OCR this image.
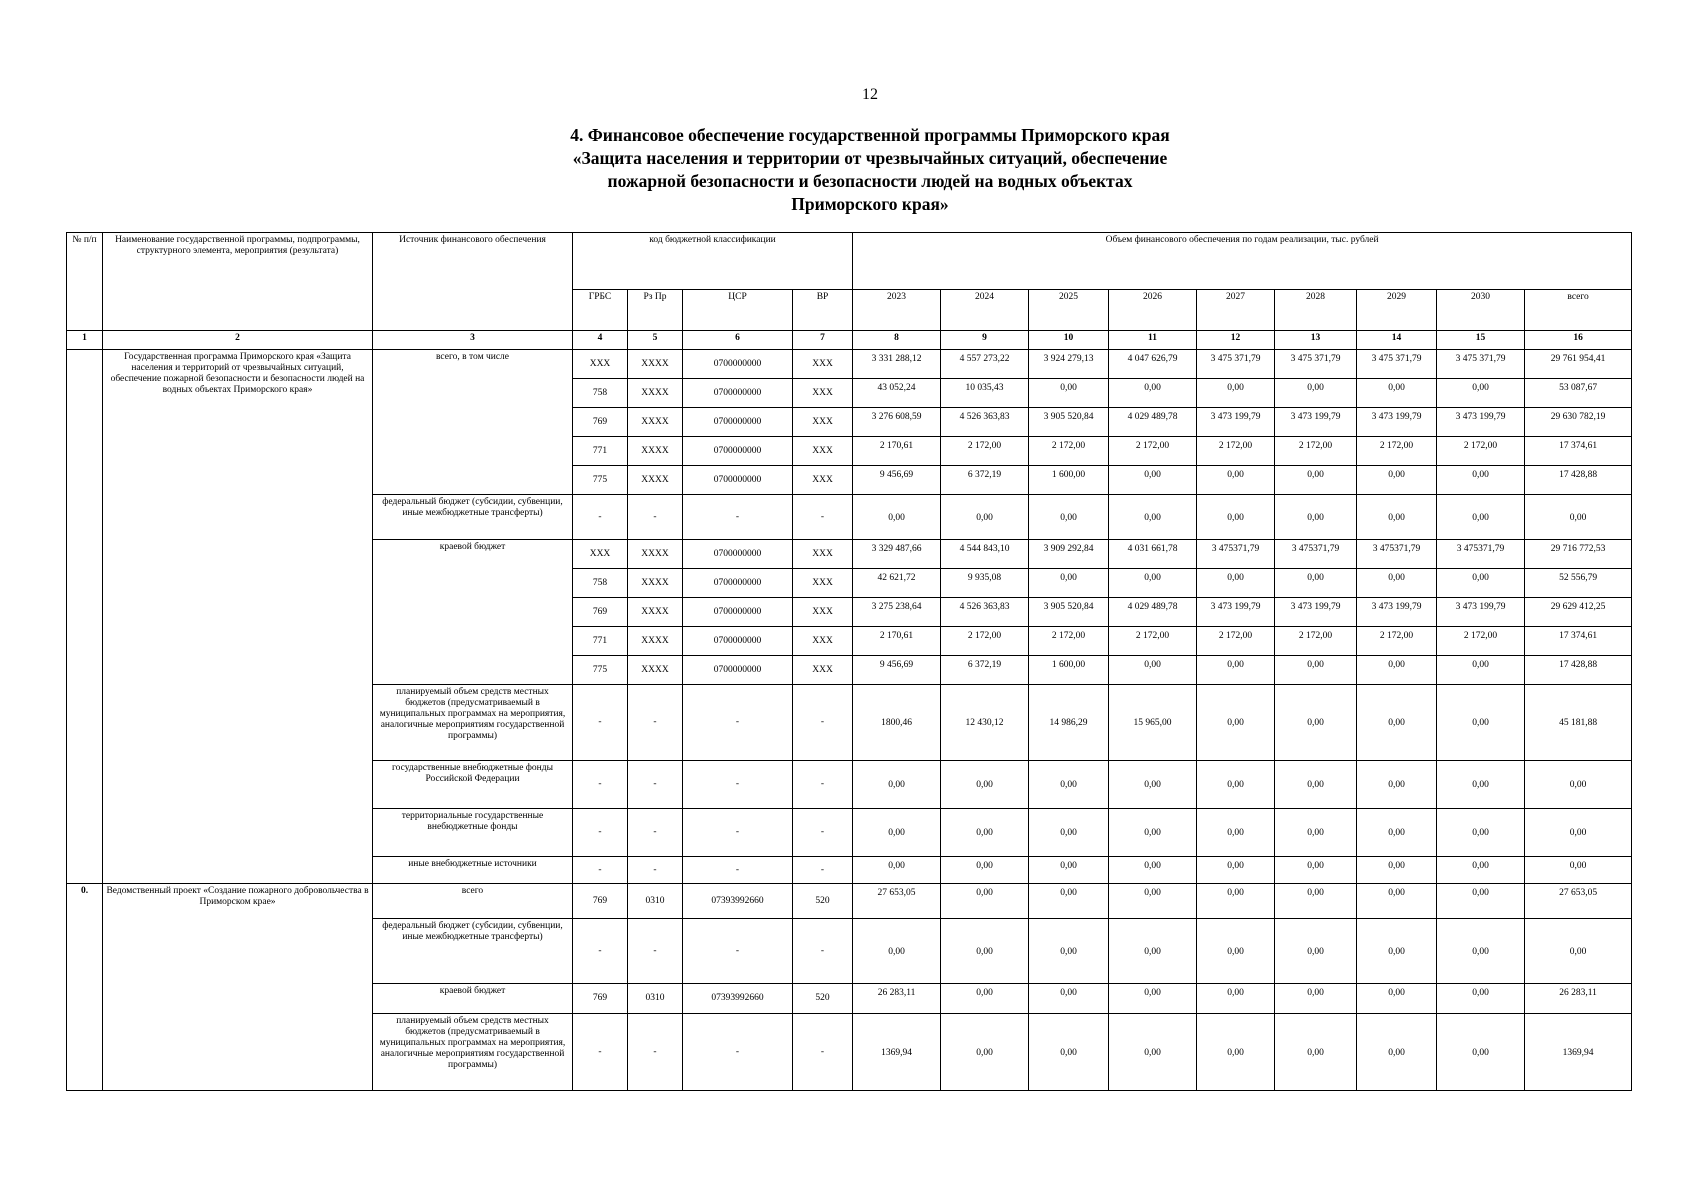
12
4. Финансовое обеспечение государственной программы Приморского края
«Защита населения и территории от чрезвычайных ситуаций, обеспечение
пожарной безопасности и безопасности людей на водных объектах
Приморского края»
№ п/п	Наименование государственной программы, подпрограммы, структурного элемента, мероприятия (результата)	Источник финансового обеспечения	код бюджетной классификации				Объем финансового обеспечения по годам реализации, тыс. рублей								
			ГРБС	Рз Пр	ЦСР	ВР	2023	2024	2025	2026	2027	2028	2029	2030	всего
1	2	3	4	5	6	7	8	9	10	11	12	13	14	15	16
	Государственная программа Приморского края «Защита населения и территорий от чрезвычайных ситуаций, обеспечение пожарной безопасности и безопасности людей на водных объектах Приморского края»	всего, в том числе	XXX	XXXX	0700000000	XXX	3 331 288,12	4 557 273,22	3 924 279,13	4 047 626,79	3 475 371,79	3 475 371,79	3 475 371,79	3 475 371,79	29 761 954,41
			758	XXXX	0700000000	XXX	43 052,24	10 035,43	0,00	0,00	0,00	0,00	0,00	0,00	53 087,67
			769	XXXX	0700000000	XXX	3 276 608,59	4 526 363,83	3 905 520,84	4 029 489,78	3 473 199,79	3 473 199,79	3 473 199,79	3 473 199,79	29 630 782,19
			771	XXXX	0700000000	XXX	2 170,61	2 172,00	2 172,00	2 172,00	2 172,00	2 172,00	2 172,00	2 172,00	17 374,61
			775	XXXX	0700000000	XXX	9 456,69	6 372,19	1 600,00	0,00	0,00	0,00	0,00	0,00	17 428,88
		федеральный бюджет (субсидии, субвенции, иные межбюджетные трансферты)	-	-	-	-	0,00	0,00	0,00	0,00	0,00	0,00	0,00	0,00	0,00
		краевой бюджет	XXX	XXXX	0700000000	XXX	3 329 487,66	4 544 843,10	3 909 292,84	4 031 661,78	3 475371,79	3 475371,79	3 475371,79	3 475371,79	29 716 772,53
			758	XXXX	0700000000	XXX	42 621,72	9 935,08	0,00	0,00	0,00	0,00	0,00	0,00	52 556,79
			769	XXXX	0700000000	XXX	3 275 238,64	4 526 363,83	3 905 520,84	4 029 489,78	3 473 199,79	3 473 199,79	3 473 199,79	3 473 199,79	29 629 412,25
			771	XXXX	0700000000	XXX	2 170,61	2 172,00	2 172,00	2 172,00	2 172,00	2 172,00	2 172,00	2 172,00	17 374,61
			775	XXXX	0700000000	XXX	9 456,69	6 372,19	1 600,00	0,00	0,00	0,00	0,00	0,00	17 428,88
		планируемый объем средств местных бюджетов (предусматриваемый в муниципальных программах на мероприятия, аналогичные мероприятиям государственной программы)	-	-	-	-	1800,46	12 430,12	14 986,29	15 965,00	0,00	0,00	0,00	0,00	45 181,88
		государственные внебюджетные фонды Российской Федерации	-	-	-	-	0,00	0,00	0,00	0,00	0,00	0,00	0,00	0,00	0,00
		территориальные государственные внебюджетные фонды	-	-	-	-	0,00	0,00	0,00	0,00	0,00	0,00	0,00	0,00	0,00
		иные внебюджетные источники	-	-	-	-	0,00	0,00	0,00	0,00	0,00	0,00	0,00	0,00	0,00
0.	Ведомственный проект «Создание пожарного добровольчества в Приморском крае»	всего	769	0310	07393992660	520	27 653,05	0,00	0,00	0,00	0,00	0,00	0,00	0,00	27 653,05
		федеральный бюджет (субсидии, субвенции, иные межбюджетные трансферты)	-	-	-	-	0,00	0,00	0,00	0,00	0,00	0,00	0,00	0,00	0,00
		краевой бюджет	769	0310	07393992660	520	26 283,11	0,00	0,00	0,00	0,00	0,00	0,00	0,00	26 283,11
		планируемый объем средств местных бюджетов (предусматриваемый в муниципальных программах на мероприятия, аналогичные мероприятиям государственной программы)	-	-	-	-	1369,94	0,00	0,00	0,00	0,00	0,00	0,00	0,00	1369,94
